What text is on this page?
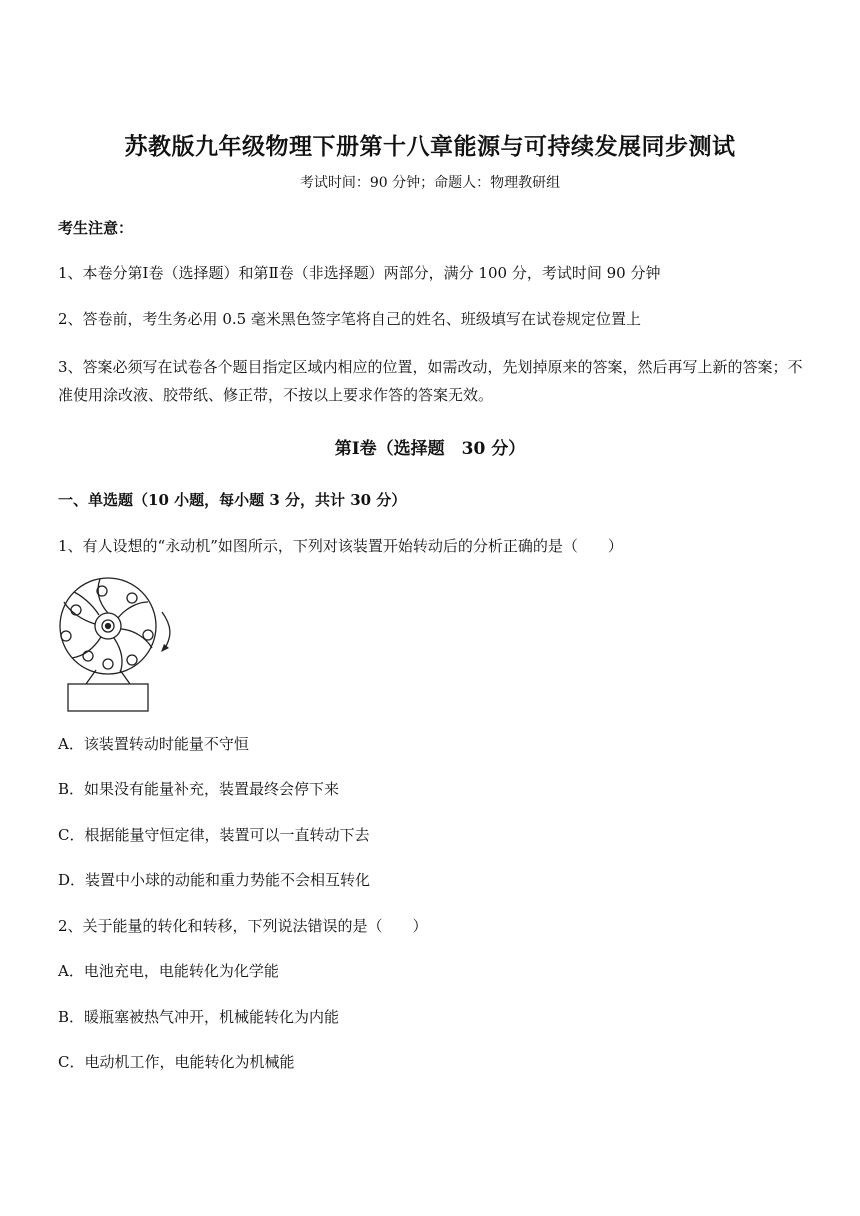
苏教版九年级物理下册第十八章能源与可持续发展同步测试
考试时间：90 分钟；命题人：物理教研组
考生注意：
1、本卷分第Ⅰ卷（选择题）和第Ⅱ卷（非选择题）两部分，满分 100 分，考试时间 90 分钟
2、答卷前，考生务必用 0.5 毫米黑色签字笔将自己的姓名、班级填写在试卷规定位置上
3、答案必须写在试卷各个题目指定区域内相应的位置，如需改动，先划掉原来的答案，然后再写上新的答案；不准使用涂改液、胶带纸、修正带，不按以上要求作答的答案无效。
第Ⅰ卷（选择题　30 分）
一、单选题（10 小题，每小题 3 分，共计 30 分）
1、有人设想的“永动机”如图所示，下列对该装置开始转动后的分析正确的是（　　）
A．该装置转动时能量不守恒
B．如果没有能量补充，装置最终会停下来
C．根据能量守恒定律，装置可以一直转动下去
D．装置中小球的动能和重力势能不会相互转化
2、关于能量的转化和转移，下列说法错误的是（　　）
A．电池充电，电能转化为化学能
B．暖瓶塞被热气冲开，机械能转化为内能
C．电动机工作，电能转化为机械能
